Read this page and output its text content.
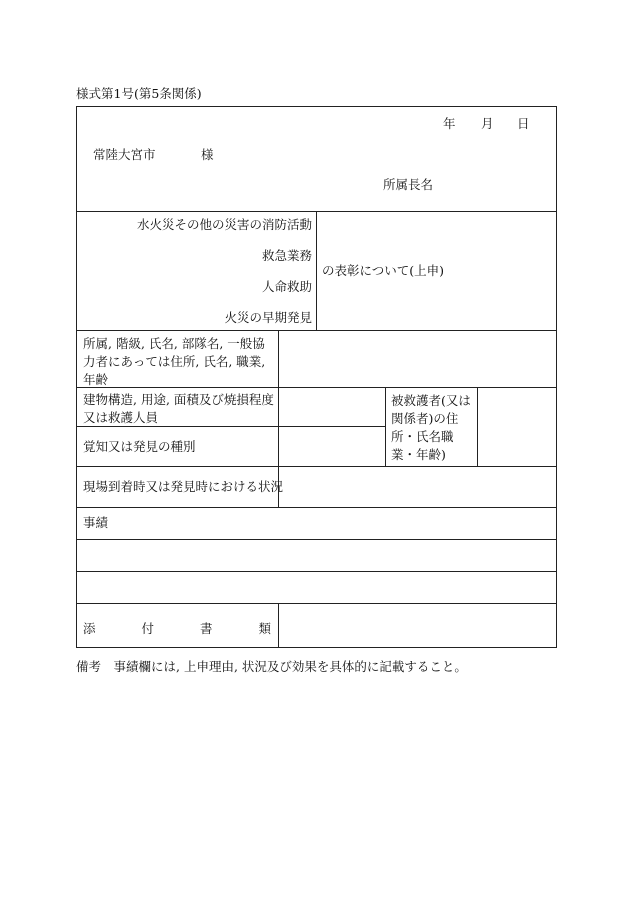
様式第1号(第5条関係)
年 月 日
常陸大宮市	様
所属長名
水火災その他の災害の消防活動
救急業務
人命救助
火災の早期発見
の表彰について(上申)
所属, 階級, 氏名, 部隊名, 一般協力者にあっては住所, 氏名, 職業, 年齢
建物構造, 用途, 面積及び焼損程度又は救護人員
被救護者(又は関係者)の住所・氏名職業・年齢)
覚知又は発見の種別
現場到着時又は発見時における状況
事績
添	付	書	類
備考　事績欄には, 上申理由, 状況及び効果を具体的に記載すること。
